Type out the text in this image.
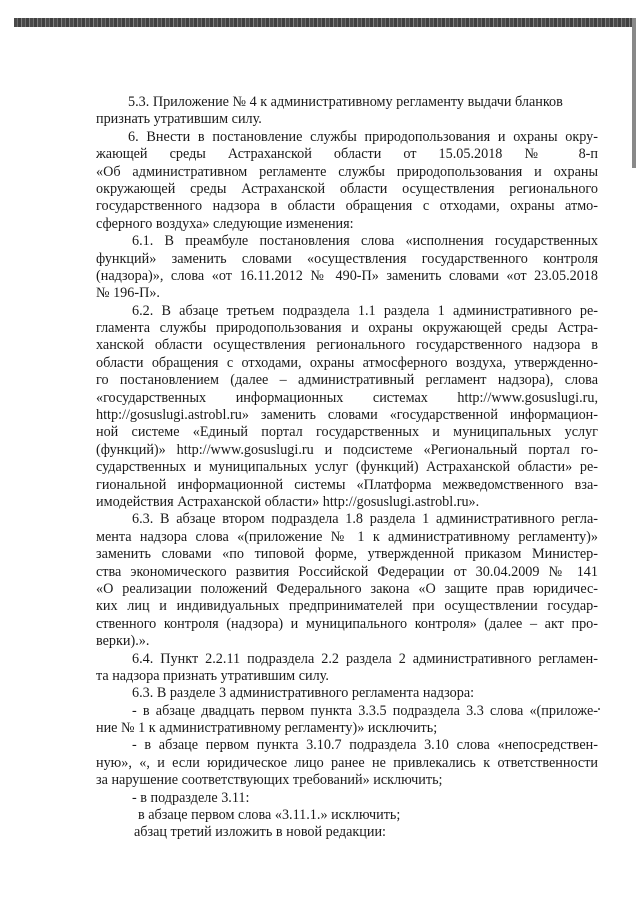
5.3. Приложение № 4 к административному регламенту выдачи бланков
признать утратившим силу.
6. Внести в постановление службы природопользования и охраны окру-
жающей среды Астраханской области от 15.05.2018 № 8-п
«Об административном регламенте службы природопользования и охраны
окружающей среды Астраханской области осуществления регионального
государственного надзора в области обращения с отходами, охраны атмо-
сферного воздуха» следующие изменения:
6.1. В преамбуле постановления слова «исполнения государственных
функций» заменить словами «осуществления государственного контроля
(надзора)», слова «от 16.11.2012 № 490-П» заменить словами «от 23.05.2018
№ 196-П».
6.2. В абзаце третьем подраздела 1.1 раздела 1 административного ре-
гламента службы природопользования и охраны окружающей среды Астра-
ханской области осуществления регионального государственного надзора в
области обращения с отходами, охраны атмосферного воздуха, утвержденно-
го постановлением (далее – административный регламент надзора), слова
«государственных информационных системах http://www.gosuslugi.ru,
http://gosuslugi.astrobl.ru» заменить словами «государственной информацион-
ной системе «Единый портал государственных и муниципальных услуг
(функций)» http://www.gosuslugi.ru и подсистеме «Региональный портал го-
сударственных и муниципальных услуг (функций) Астраханской области» ре-
гиональной информационной системы «Платформа межведомственного вза-
имодействия Астраханской области» http://gosuslugi.astrobl.ru».
6.3. В абзаце втором подраздела 1.8 раздела 1 административного регла-
мента надзора слова «(приложение № 1 к административному регламенту)»
заменить словами «по типовой форме, утвержденной приказом Министер-
ства экономического развития Российской Федерации от 30.04.2009 № 141
«О реализации положений Федерального закона «О защите прав юридичес-
ких лиц и индивидуальных предпринимателей при осуществлении государ-
ственного контроля (надзора) и муниципального контроля» (далее – акт про-
верки).».
6.4. Пункт 2.2.11 подраздела 2.2 раздела 2 административного регламен-
та надзора признать утратившим силу.
6.3. В разделе 3 административного регламента надзора:
- в абзаце двадцать первом пункта 3.3.5 подраздела 3.3 слова «(приложе-
ние № 1 к административному регламенту)» исключить;
- в абзаце первом пункта 3.10.7 подраздела 3.10 слова «непосредствен-
ную», «, и если юридическое лицо ранее не привлекались к ответственности
за нарушение соответствующих требований» исключить;
- в подразделе 3.11:
в абзаце первом слова «3.11.1.» исключить;
абзац третий изложить в новой редакции:
